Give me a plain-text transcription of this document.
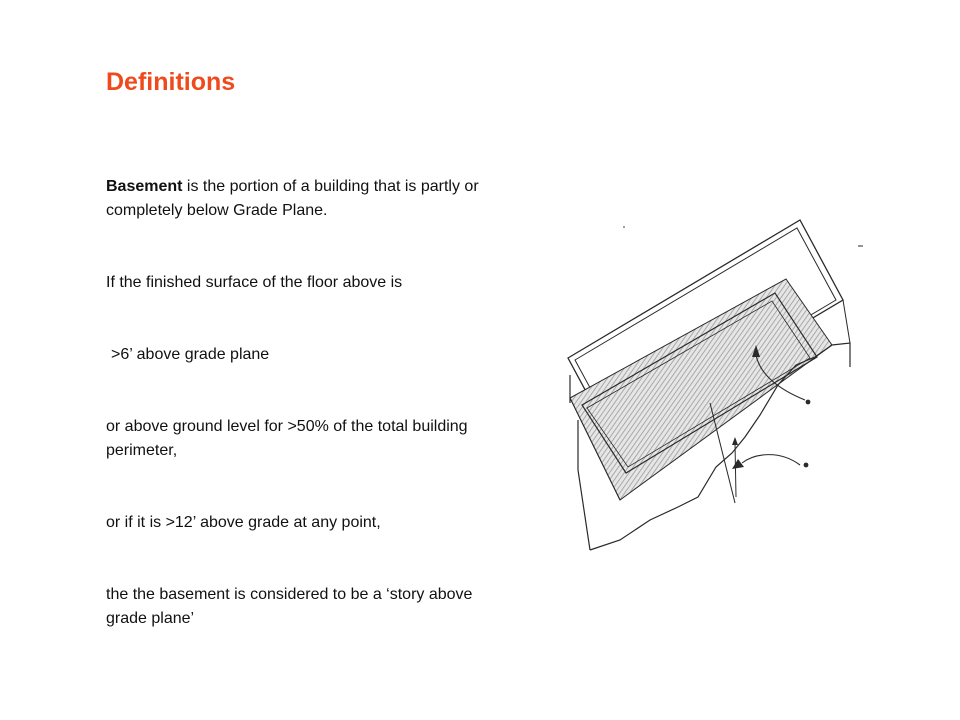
Definitions

Basement is the portion of a building that is partly or completely below Grade Plane.

If the finished surface of the floor above is

>6’ above grade plane

or above ground level for >50% of the total building perimeter,

or if it is >12’ above grade at any point,

the the basement is considered to be a ‘story above grade plane’
